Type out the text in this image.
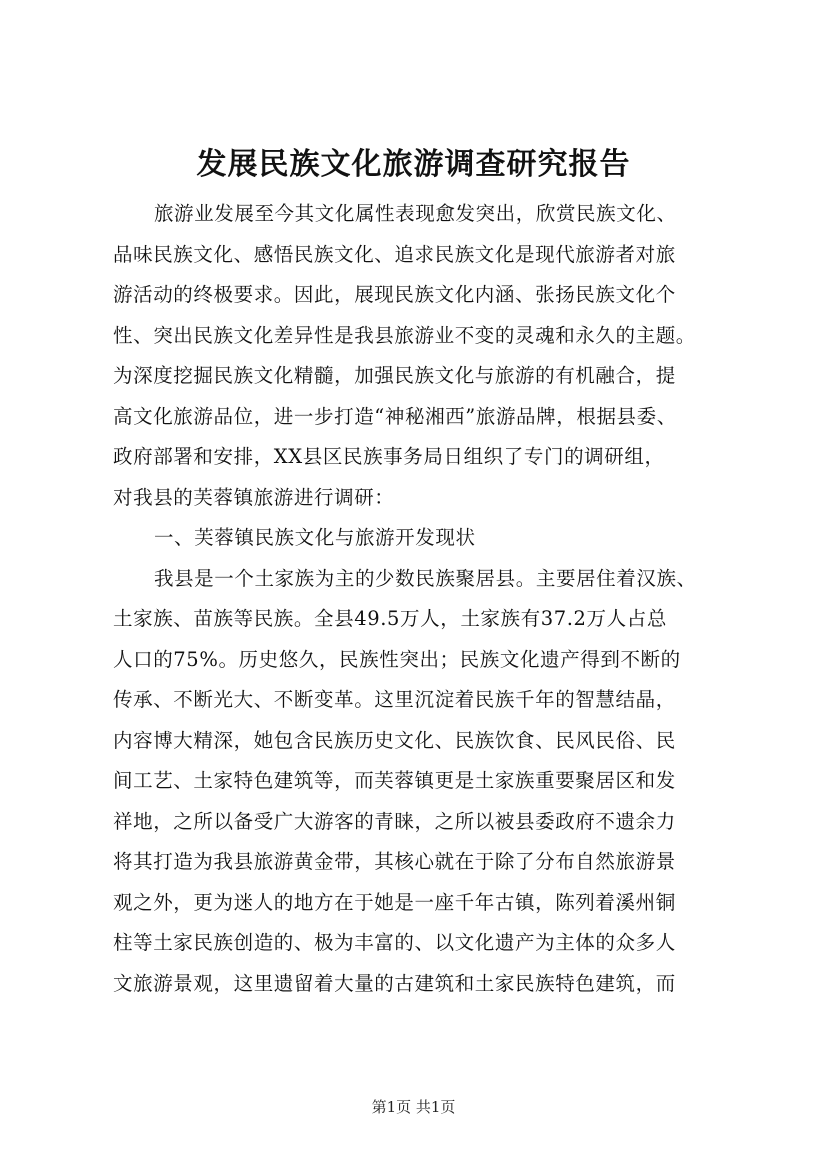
发展民族文化旅游调查研究报告

旅游业发展至今其文化属性表现愈发突出，欣赏民族文化、
品味民族文化、感悟民族文化、追求民族文化是现代旅游者对旅
游活动的终极要求。因此，展现民族文化内涵、张扬民族文化个
性、突出民族文化差异性是我县旅游业不变的灵魂和永久的主题。
为深度挖掘民族文化精髓，加强民族文化与旅游的有机融合，提
高文化旅游品位，进一步打造“神秘湘西”旅游品牌，根据县委、
政府部署和安排，XX县区民族事务局日组织了专门的调研组，
对我县的芙蓉镇旅游进行调研：

一、芙蓉镇民族文化与旅游开发现状

我县是一个土家族为主的少数民族聚居县。主要居住着汉族、
土家族、苗族等民族。全县49.5万人，土家族有37.2万人占总
人口的75%。历史悠久，民族性突出；民族文化遗产得到不断的
传承、不断光大、不断变革。这里沉淀着民族千年的智慧结晶，
内容博大精深，她包含民族历史文化、民族饮食、民风民俗、民
间工艺、土家特色建筑等，而芙蓉镇更是土家族重要聚居区和发
祥地，之所以备受广大游客的青睐，之所以被县委政府不遗余力
将其打造为我县旅游黄金带，其核心就在于除了分布自然旅游景
观之外，更为迷人的地方在于她是一座千年古镇，陈列着溪州铜
柱等土家民族创造的、极为丰富的、以文化遗产为主体的众多人
文旅游景观，这里遗留着大量的古建筑和土家民族特色建筑，而

第1页 共1页
